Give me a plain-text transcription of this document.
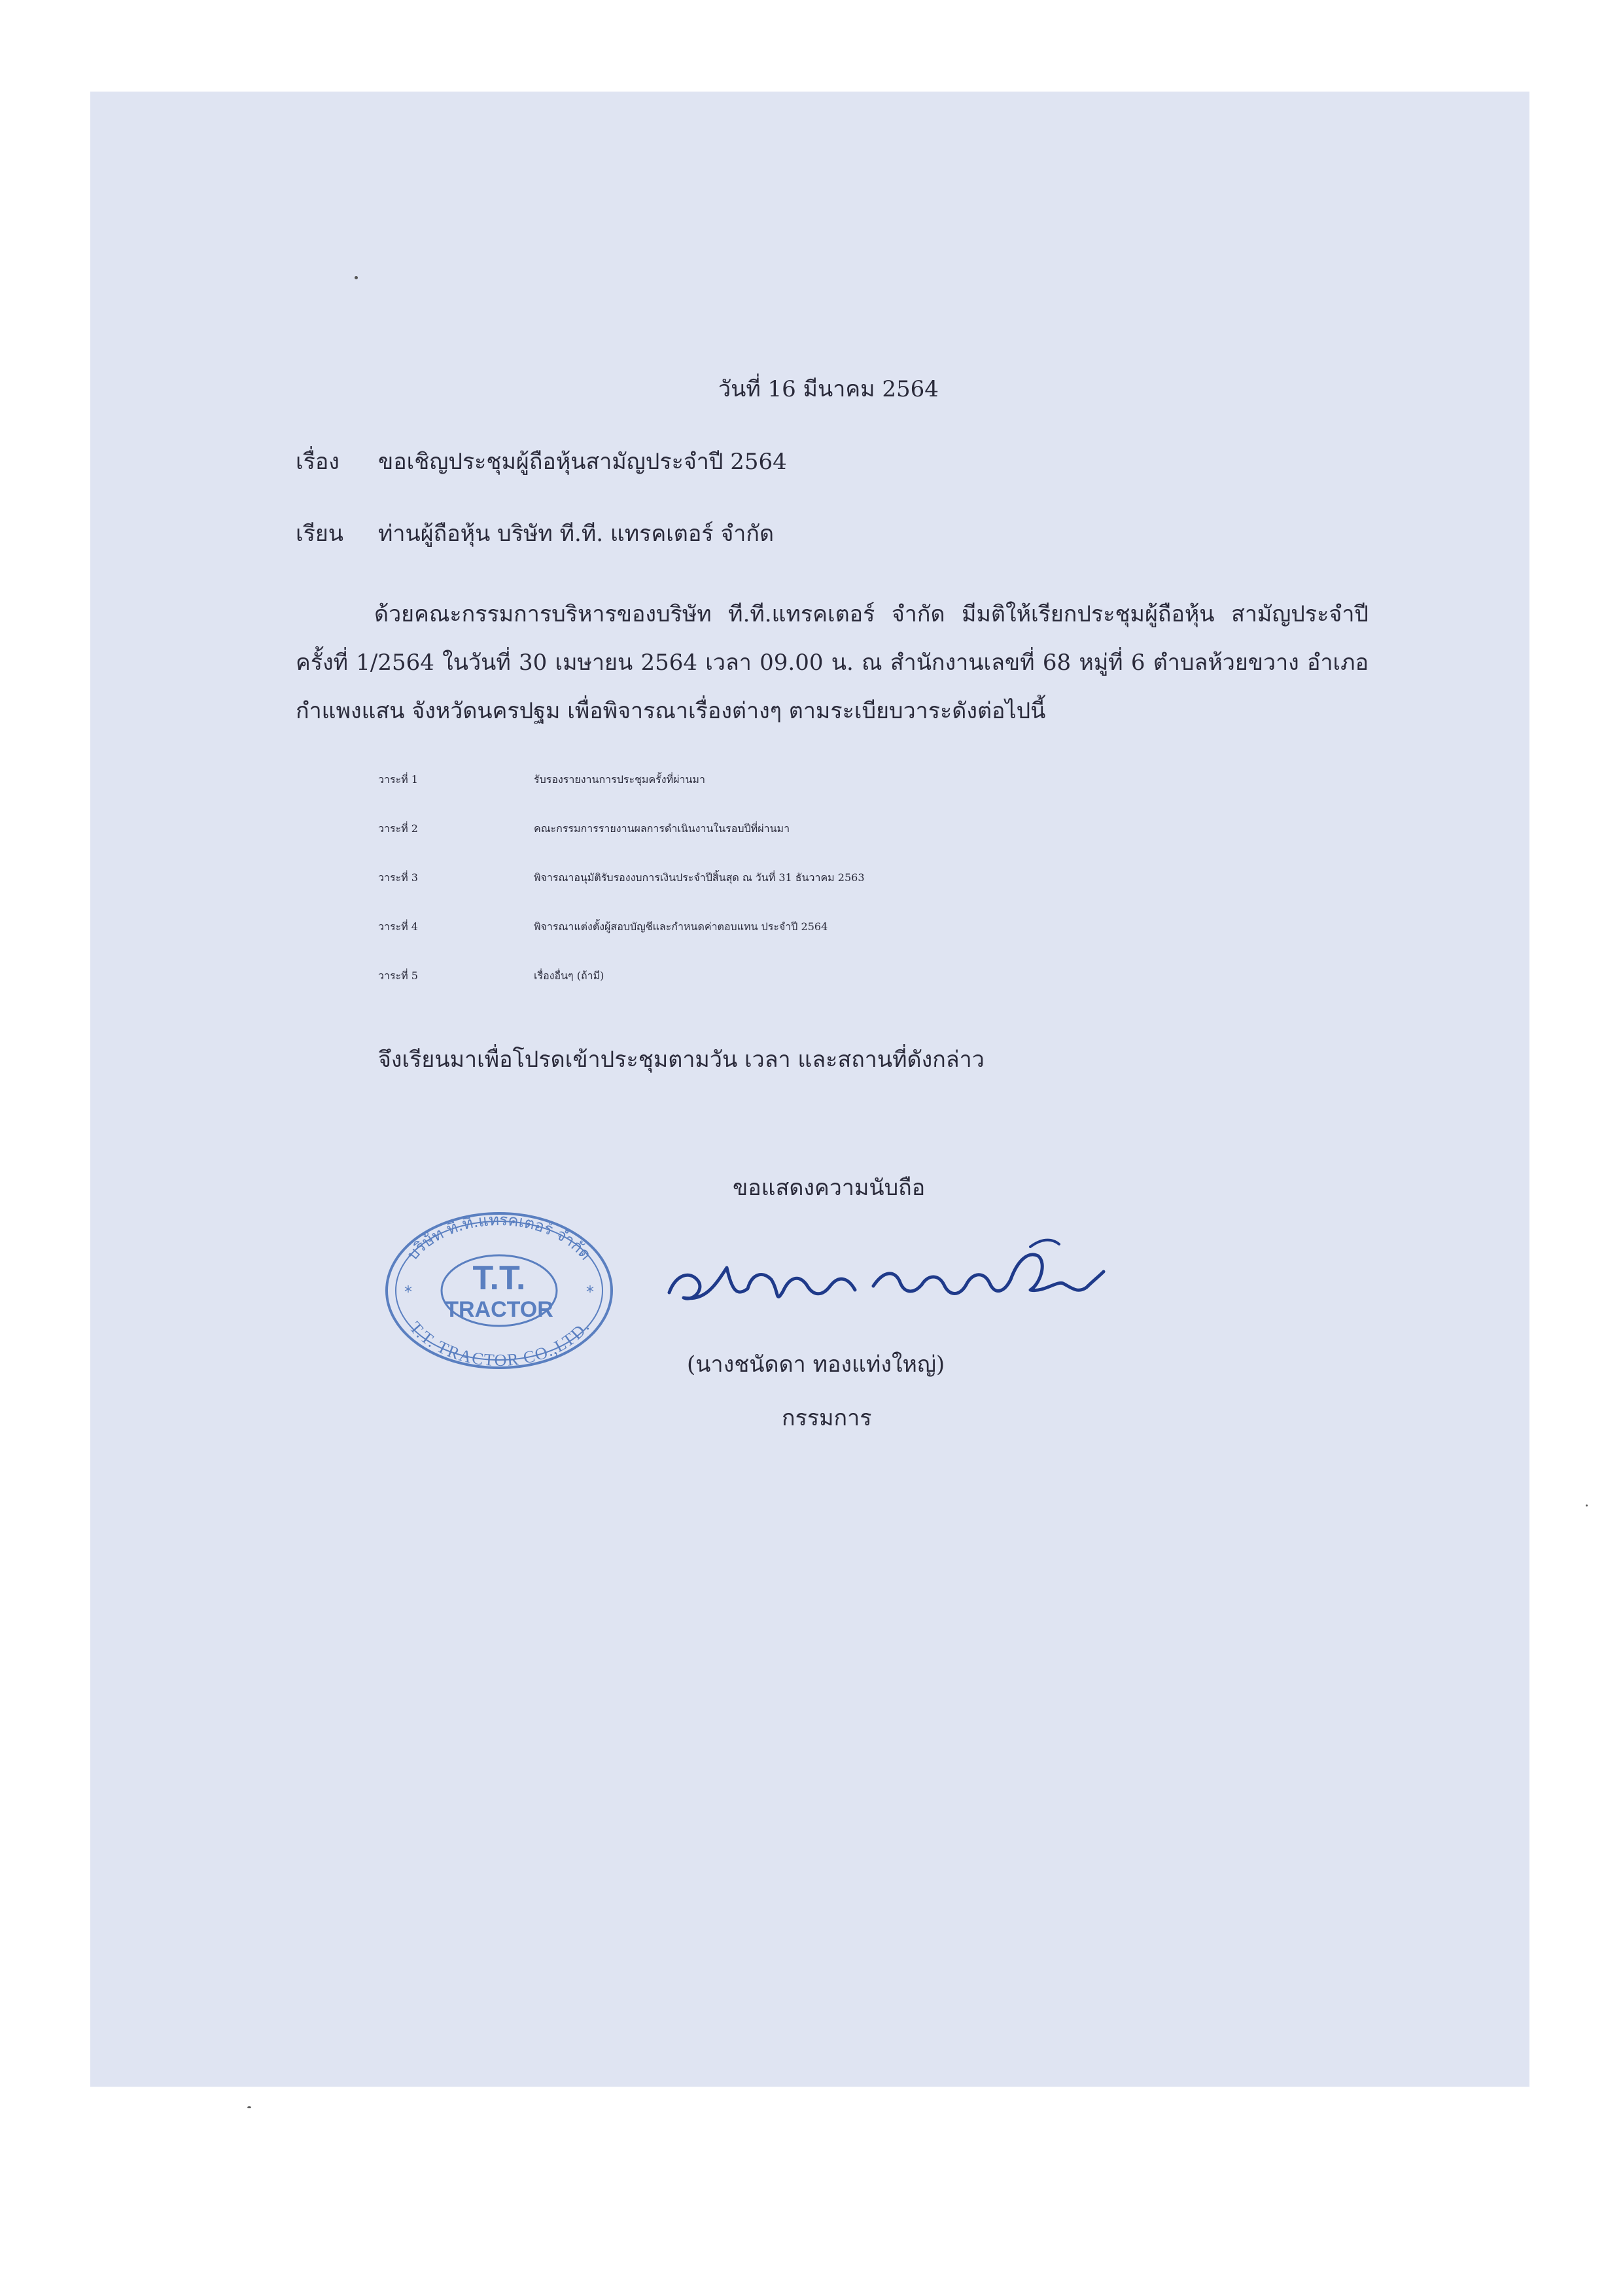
วันที่ 16 มีนาคม 2564
เรื่อง ขอเชิญประชุมผู้ถือหุ้นสามัญประจำปี 2564
เรียน ท่านผู้ถือหุ้น บริษัท ที.ที. แทรคเตอร์ จำกัด
ด้วยคณะกรรมการบริหารของบริษัท ที.ที.แทรคเตอร์ จำกัด มีมติให้เรียกประชุมผู้ถือหุ้น สามัญประจำปี ครั้งที่ 1/2564 ในวันที่ 30 เมษายน 2564 เวลา 09.00 น. ณ สำนักงานเลขที่ 68 หมู่ที่ 6 ตำบลห้วยขวาง อำเภอกำแพงแสน จังหวัดนครปฐม เพื่อพิจารณาเรื่องต่างๆ ตามระเบียบวาระดังต่อไปนี้
วาระที่ 1	รับรองรายงานการประชุมครั้งที่ผ่านมา
วาระที่ 2	คณะกรรมการรายงานผลการดำเนินงานในรอบปีที่ผ่านมา
วาระที่ 3	พิจารณาอนุมัติรับรองงบการเงินประจำปีสิ้นสุด ณ วันที่ 31 ธันวาคม 2563
วาระที่ 4	พิจารณาแต่งตั้งผู้สอบบัญชีและกำหนดค่าตอบแทน ประจำปี 2564
วาระที่ 5	เรื่องอื่นๆ (ถ้ามี)
จึงเรียนมาเพื่อโปรดเข้าประชุมตามวัน เวลา และสถานที่ดังกล่าว
ขอแสดงความนับถือ
T.T.
TRACTOR
บริษัท ที.ที.แทรคเตอร์ จำกัด
T.T. TRACTOR CO.,LTD.
*	*
(นางชนัดดา ทองแท่งใหญ่)
กรรมการ
